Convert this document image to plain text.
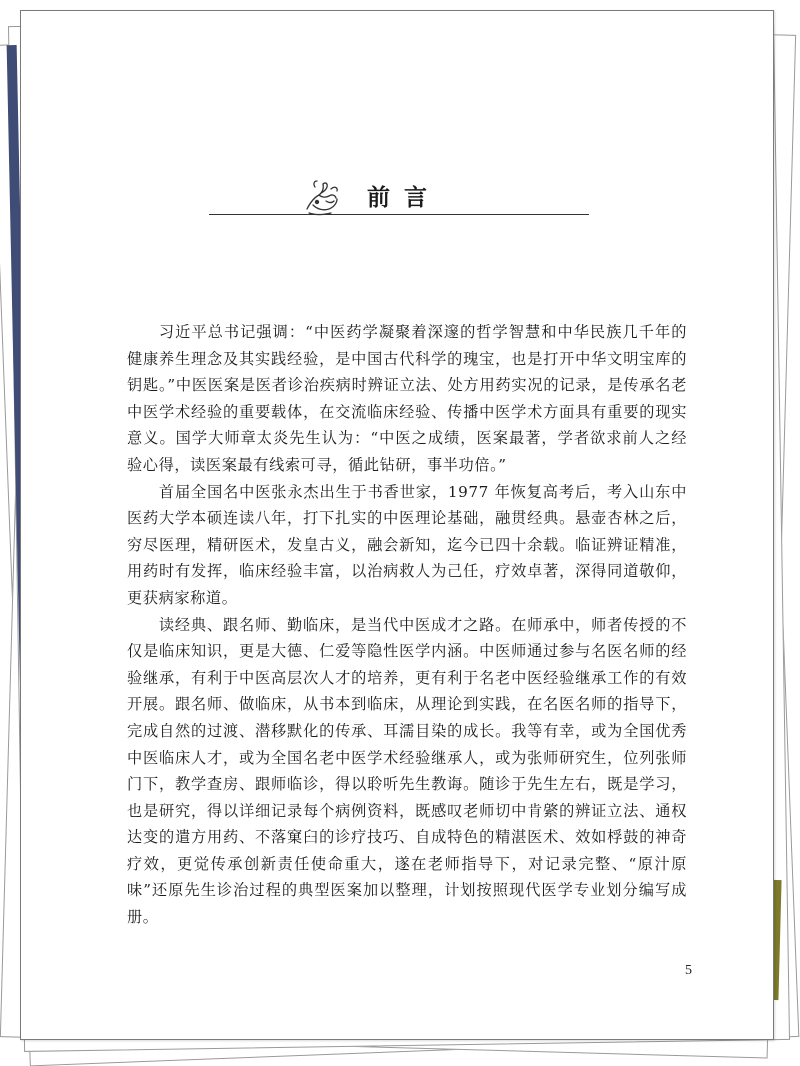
前言

习近平总书记强调：“中医药学凝聚着深邃的哲学智慧和中华民族几千年的健康养生理念及其实践经验，是中国古代科学的瑰宝，也是打开中华文明宝库的钥匙。”中医医案是医者诊治疾病时辨证立法、处方用药实况的记录，是传承名老中医学术经验的重要载体，在交流临床经验、传播中医学术方面具有重要的现实意义。国学大师章太炎先生认为：“中医之成绩，医案最著，学者欲求前人之经验心得，读医案最有线索可寻，循此钻研，事半功倍。”

首届全国名中医张永杰出生于书香世家，1977 年恢复高考后，考入山东中医药大学本硕连读八年，打下扎实的中医理论基础，融贯经典。悬壶杏林之后，穷尽医理，精研医术，发皇古义，融会新知，迄今已四十余载。临证辨证精准，用药时有发挥，临床经验丰富，以治病救人为己任，疗效卓著，深得同道敬仰，更获病家称道。

读经典、跟名师、勤临床，是当代中医成才之路。在师承中，师者传授的不仅是临床知识，更是大德、仁爱等隐性医学内涵。中医师通过参与名医名师的经验继承，有利于中医高层次人才的培养，更有利于名老中医经验继承工作的有效开展。跟名师、做临床，从书本到临床，从理论到实践，在名医名师的指导下，完成自然的过渡、潜移默化的传承、耳濡目染的成长。我等有幸，或为全国优秀中医临床人才，或为全国名老中医学术经验继承人，或为张师研究生，位列张师门下，教学查房、跟师临诊，得以聆听先生教诲。随诊于先生左右，既是学习，也是研究，得以详细记录每个病例资料，既感叹老师切中肯綮的辨证立法、通权达变的遣方用药、不落窠臼的诊疗技巧、自成特色的精湛医术、效如桴鼓的神奇疗效，更觉传承创新责任使命重大，遂在老师指导下，对记录完整、“原汁原味”还原先生诊治过程的典型医案加以整理，计划按照现代医学专业划分编写成册。

5
